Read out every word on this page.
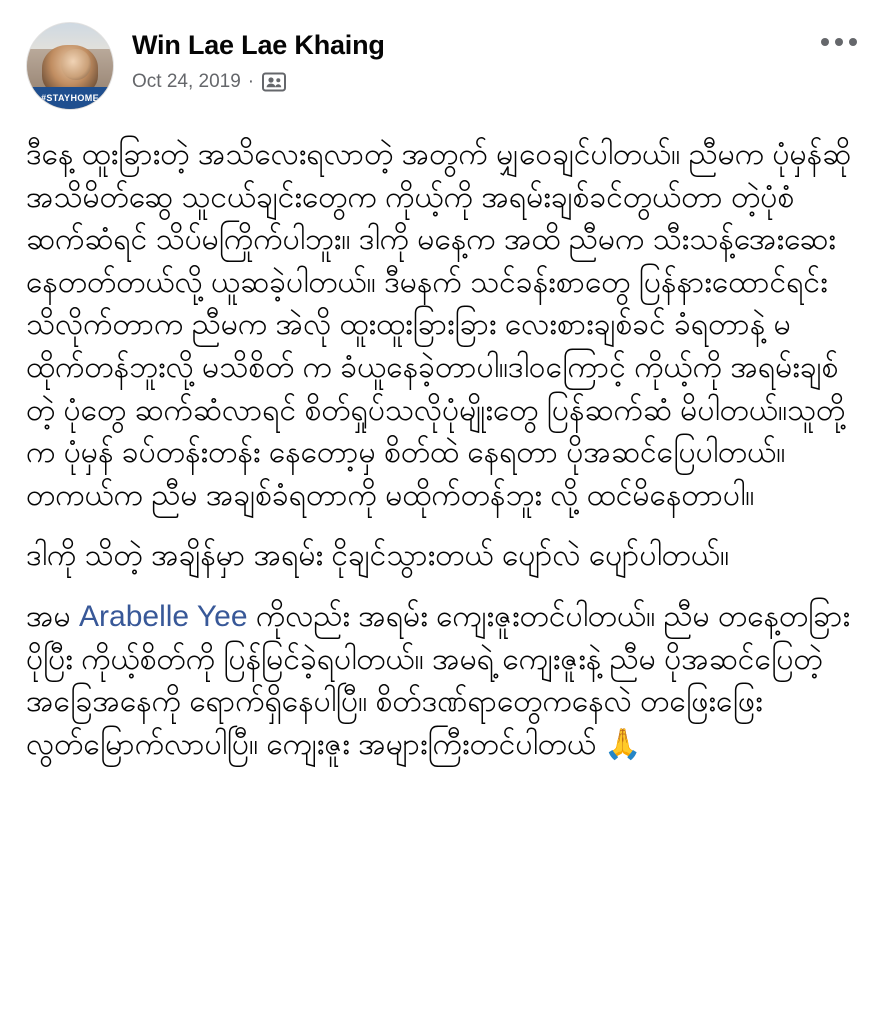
#STAYHOME
Win Lae Lae Khaing
Oct 24, 2019 ·

ဒီနေ့ ထူးခြားတဲ့ အသိလေးရလာတဲ့ အတွက် မျှဝေချင်ပါတယ်။ ညီမက ပုံမှန်ဆို အသိမိတ်ဆွေ သူငယ်ချင်းတွေက ကိုယ့်ကို အရမ်းချစ်ခင်တွယ်တာ တဲ့ပုံစံ ဆက်ဆံရင် သိပ်မကြိုက်ပါဘူး။ ဒါကို မနေ့က အထိ ညီမက သီးသန့်အေးဆေး နေတတ်တယ်လို့ ယူဆခဲ့ပါတယ်။ ဒီမနက် သင်ခန်းစာတွေ ပြန်နားထောင်ရင်း သိလိုက်တာက ညီမက အဲလို ထူးထူးခြားခြား လေးစားချစ်ခင် ခံရတာနဲ့ မထိုက်တန်ဘူးလို့ မသိစိတ် က ခံယူနေခဲ့တာပါ။ဒါ၀ကြောင့် ကိုယ့်ကို အရမ်းချစ်တဲ့ ပုံတွေ ဆက်ဆံလာရင် စိတ်ရှုပ်သလိုပုံမျိုးတွေ ပြန်ဆက်ဆံ မိပါတယ်။သူတို့က ပုံမှန် ခပ်တန်းတန်း နေတော့မှ စိတ်ထဲ နေရတာ ပိုအဆင်ပြေပါတယ်။တကယ်က ညီမ အချစ်ခံရတာကို မထိုက်တန်ဘူး လို့ ထင်မိနေတာပါ။

ဒါကို သိတဲ့ အချိန်မှာ အရမ်း ငိုချင်သွားတယ် ပျော်လဲ ပျော်ပါတယ်။

အမ Arabelle Yee ကိုလည်း အရမ်း ကျေးဇူးတင်ပါတယ်။ ညီမ တနေ့တခြားပိုပြီး ကိုယ့်စိတ်ကို ပြန်မြင်ခဲ့ရပါတယ်။ အမရဲ့ ကျေးဇူးနဲ့ ညီမ ပိုအဆင်ပြေတဲ့ အခြေအနေကို ရောက်ရှိနေပါပြီ။ စိတ်ဒဏ်ရာတွေကနေလဲ တဖြေးဖြေး လွတ်မြောက်လာပါပြီ။ ကျေးဇူး အများကြီးတင်ပါတယ် 🙏
